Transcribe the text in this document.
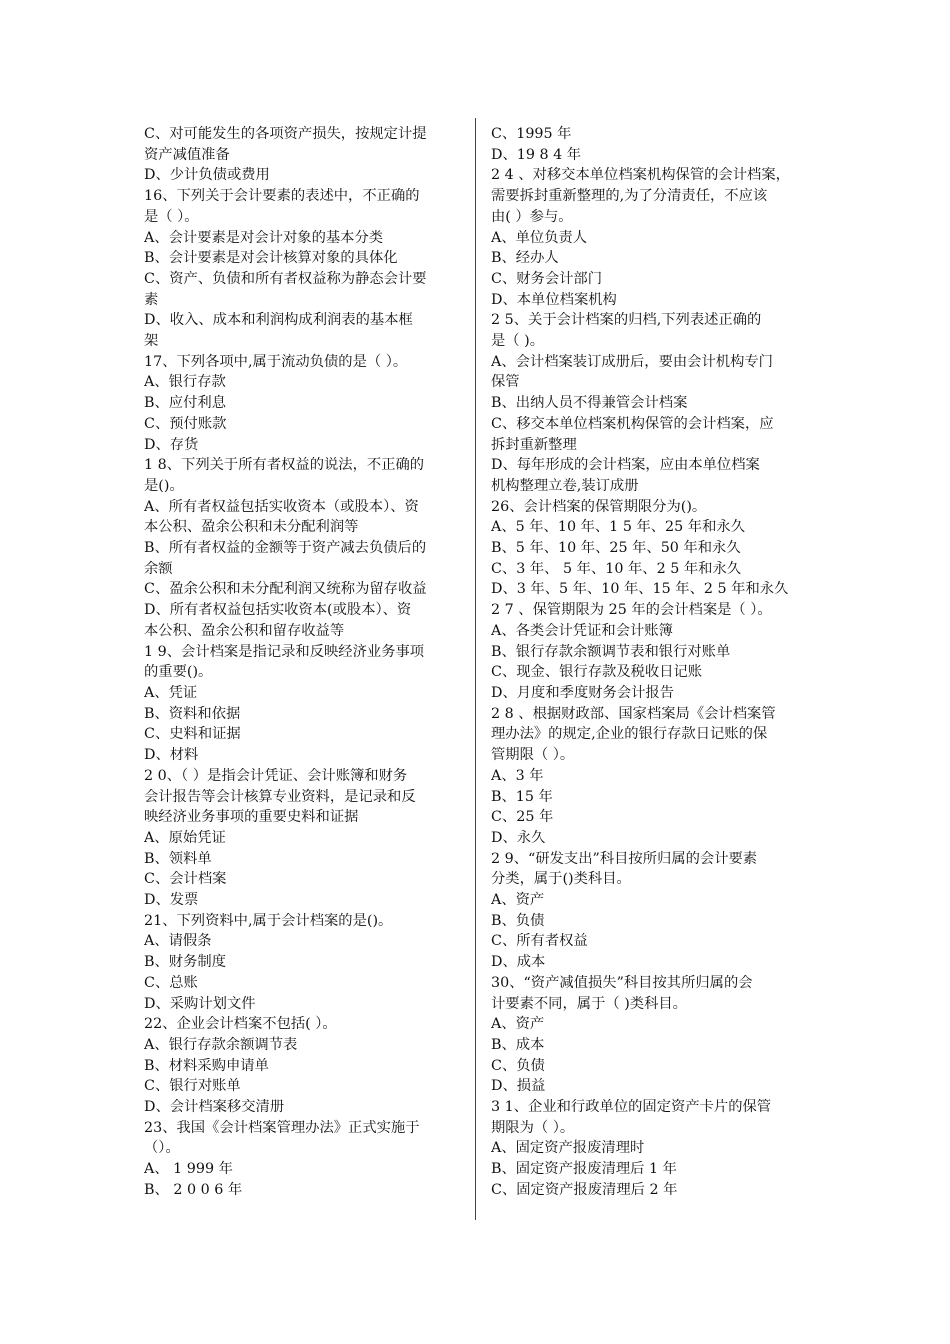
C、对可能发生的各项资产损失，按规定计提
资产减值准备
D、少计负债或费用
16、下列关于会计要素的表述中，不正确的
是（ ）。
A、会计要素是对会计对象的基本分类
B、会计要素是对会计核算对象的具体化
C、资产、负债和所有者权益称为静态会计要
素
D、收入、成本和利润构成利润表的基本框
架
17、下列各项中,属于流动负债的是（ ）。
A、银行存款
B、应付利息
C、预付账款
D、存货
1 8、下列关于所有者权益的说法，不正确的
是()。
A、所有者权益包括实收资本（或股本）、资
本公积、盈余公积和未分配利润等
B、所有者权益的金额等于资产减去负债后的
余额
C、盈余公积和未分配利润又统称为留存收益
D、所有者权益包括实收资本(或股本）、资
本公积、盈余公积和留存收益等
1 9、会计档案是指记录和反映经济业务事项
的重要()。
A、凭证
B、资料和依据
C、史料和证据
D、材料
2 0、（ ）是指会计凭证、会计账簿和财务
会计报告等会计核算专业资料，是记录和反
映经济业务事项的重要史料和证据
A、原始凭证
B、领料单
C、会计档案
D、发票
21、下列资料中,属于会计档案的是()。
A、请假条
B、财务制度
C、总账
D、采购计划文件
22、企业会计档案不包括( ）。
A、银行存款余额调节表
B、材料采购申请单
C、银行对账单
D、会计档案移交清册
23、我国《会计档案管理办法》正式实施于
（）。
A、 1 999 年
B、 2 0 0 6 年
C、1995 年
D、19 8 4 年
2 4 、对移交本单位档案机构保管的会计档案，
需要拆封重新整理的,为了分清责任，不应该
由( ）参与。
A、单位负责人
B、经办人
C、财务会计部门
D、本单位档案机构
2 5、关于会计档案的归档,下列表述正确的
是（ )。
A、会计档案装订成册后，要由会计机构专门
保管
B、出纳人员不得兼管会计档案
C、移交本单位档案机构保管的会计档案，应
拆封重新整理
D、每年形成的会计档案，应由本单位档案
机构整理立卷,装订成册
26、会计档案的保管期限分为()。
A、5 年、10 年、1 5 年、25 年和永久
B、5 年、10 年、25 年、50 年和永久
C、3 年、 5 年、10 年、2 5 年和永久
D、3 年、5 年、10 年、15 年、2 5 年和永久
2 7 、保管期限为 25 年的会计档案是（ ）。
A、各类会计凭证和会计账簿
B、银行存款余额调节表和银行对账单
C、现金、银行存款及税收日记账
D、月度和季度财务会计报告
2 8 、根据财政部、国家档案局《会计档案管
理办法》的规定,企业的银行存款日记账的保
管期限（ ）。
A、3 年
B、15 年
C、25 年
D、永久
2 9、“研发支出”科目按所归属的会计要素
分类，属于()类科目。
A、资产
B、负债
C、所有者权益
D、成本
30、“资产减值损失”科目按其所归属的会
计要素不同，属于（ )类科目。
A、资产
B、成本
C、负债
D、损益
3 1、企业和行政单位的固定资产卡片的保管
期限为（ ）。
A、固定资产报废清理时
B、固定资产报废清理后 1 年
C、固定资产报废清理后 2 年
